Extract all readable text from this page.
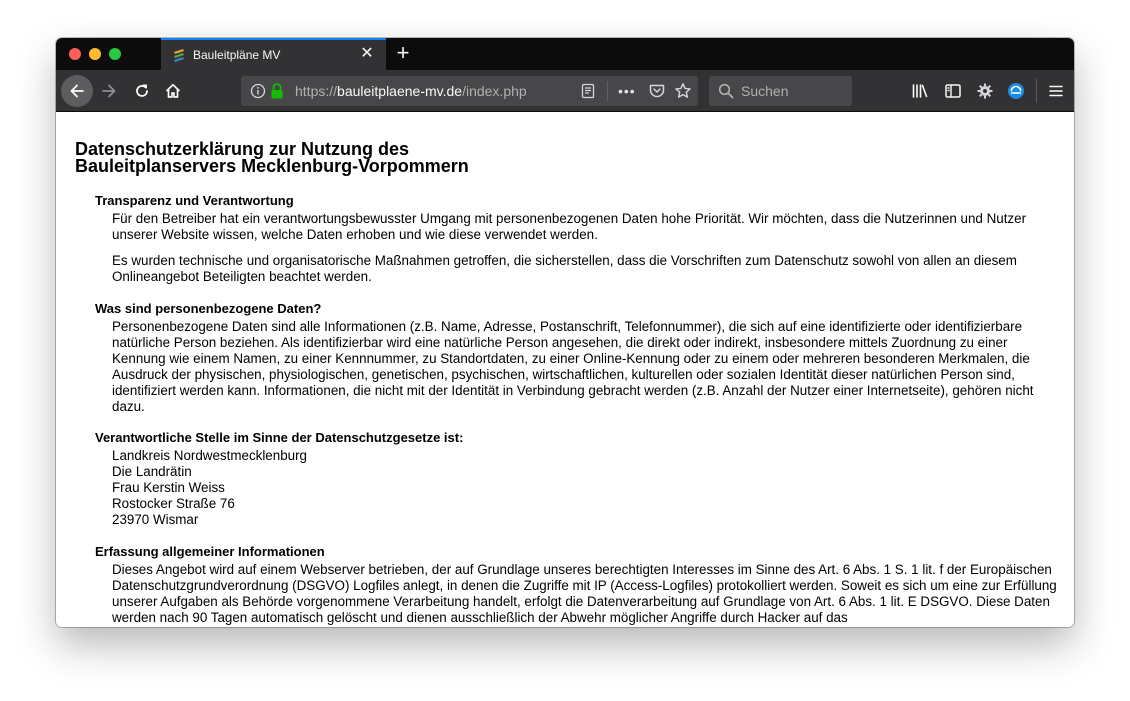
Bauleitpläne MV	✕ +
https://bauleitplaene-mv.de/index.php	•••	Suchen
Datenschutzerklärung zur Nutzung des
Bauleitplanservers Mecklenburg-Vorpommern
Transparenz und Verantwortung

Für den Betreiber hat ein verantwortungsbewusster Umgang mit personenbezogenen Daten hohe Priorität. Wir möchten, dass die Nutzerinnen und Nutzer unserer Website wissen, welche Daten erhoben und wie diese verwendet werden.

Es wurden technische und organisatorische Maßnahmen getroffen, die sicherstellen, dass die Vorschriften zum Datenschutz sowohl von allen an diesem Onlineangebot Beteiligten beachtet werden.

Was sind personenbezogene Daten?

Personenbezogene Daten sind alle Informationen (z.B. Name, Adresse, Postanschrift, Telefonnummer), die sich auf eine identifizierte oder identifizierbare natürliche Person beziehen. Als identifizierbar wird eine natürliche Person angesehen, die direkt oder indirekt, insbesondere mittels Zuordnung zu einer Kennung wie einem Namen, zu einer Kennnummer, zu Standortdaten, zu einer Online-Kennung oder zu einem oder mehreren besonderen Merkmalen, die Ausdruck der physischen, physiologischen, genetischen, psychischen, wirtschaftlichen, kulturellen oder sozialen Identität dieser natürlichen Person sind, identifiziert werden kann. Informationen, die nicht mit der Identität in Verbindung gebracht werden (z.B. Anzahl der Nutzer einer Internetseite), gehören nicht dazu.

Verantwortliche Stelle im Sinne der Datenschutzgesetze ist:

Landkreis Nordwestmecklenburg

Die Landrätin

Frau Kerstin Weiss

Rostocker Straße 76

23970 Wismar

Erfassung allgemeiner Informationen

Dieses Angebot wird auf einem Webserver betrieben, der auf Grundlage unseres berechtigten Interesses im Sinne des Art. 6 Abs. 1 S. 1 lit. f der Europäischen Datenschutzgrundverordnung (DSGVO) Logfiles anlegt, in denen die Zugriffe mit IP (Access-Logfiles) protokolliert werden. Soweit es sich um eine zur Erfüllung unserer Aufgaben als Behörde vorgenommene Verarbeitung handelt, erfolgt die Datenverarbeitung auf Grundlage von Art. 6 Abs. 1 lit. E DSGVO. Diese Daten werden nach 90 Tagen automatisch gelöscht und dienen ausschließlich der Abwehr möglicher Angriffe durch Hacker auf das
